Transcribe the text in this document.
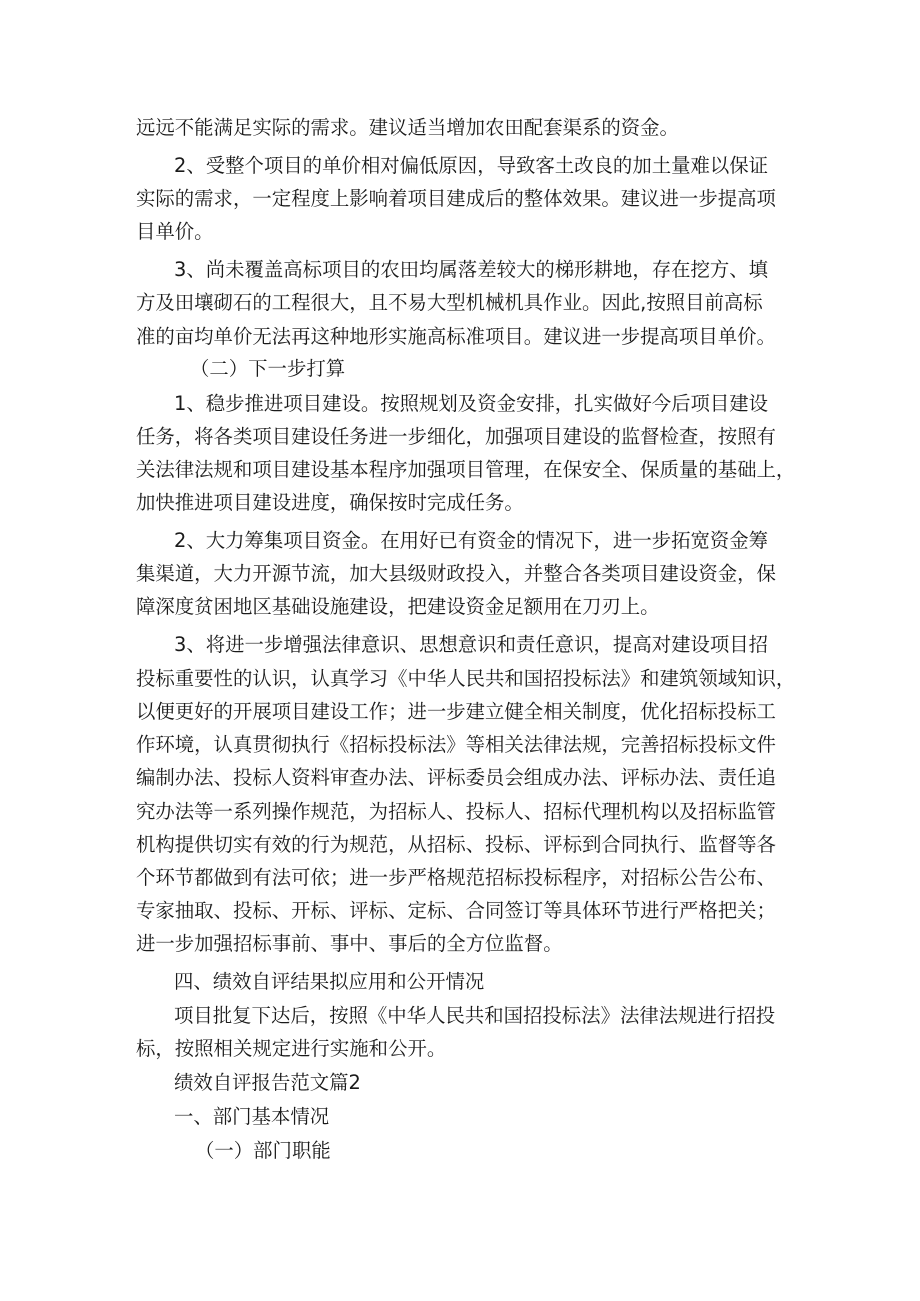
远远不能满足实际的需求。建议适当增加农田配套渠系的资金。
2、受整个项目的单价相对偏低原因，导致客土改良的加土量难以保证
实际的需求，一定程度上影响着项目建成后的整体效果。建议进一步提高项
目单价。
3、尚未覆盖高标项目的农田均属落差较大的梯形耕地，存在挖方、填
方及田壤砌石的工程很大，且不易大型机械机具作业。因此,按照目前高标
准的亩均单价无法再这种地形实施高标准项目。建议进一步提高项目单价。
（二）下一步打算
1、稳步推进项目建设。按照规划及资金安排，扎实做好今后项目建设
任务，将各类项目建设任务进一步细化，加强项目建设的监督检查，按照有
关法律法规和项目建设基本程序加强项目管理，在保安全、保质量的基础上，
加快推进项目建设进度，确保按时完成任务。
2、大力筹集项目资金。在用好已有资金的情况下，进一步拓宽资金筹
集渠道，大力开源节流，加大县级财政投入，并整合各类项目建设资金，保
障深度贫困地区基础设施建设，把建设资金足额用在刀刃上。
3、将进一步增强法律意识、思想意识和责任意识，提高对建设项目招
投标重要性的认识，认真学习《中华人民共和国招投标法》和建筑领域知识，
以便更好的开展项目建设工作；进一步建立健全相关制度，优化招标投标工
作环境，认真贯彻执行《招标投标法》等相关法律法规，完善招标投标文件
编制办法、投标人资料审查办法、评标委员会组成办法、评标办法、责任追
究办法等一系列操作规范，为招标人、投标人、招标代理机构以及招标监管
机构提供切实有效的行为规范，从招标、投标、评标到合同执行、监督等各
个环节都做到有法可依；进一步严格规范招标投标程序，对招标公告公布、
专家抽取、投标、开标、评标、定标、合同签订等具体环节进行严格把关；
进一步加强招标事前、事中、事后的全方位监督。
四、绩效自评结果拟应用和公开情况
项目批复下达后，按照《中华人民共和国招投标法》法律法规进行招投
标，按照相关规定进行实施和公开。
绩效自评报告范文篇2
一、部门基本情况
（一）部门职能
